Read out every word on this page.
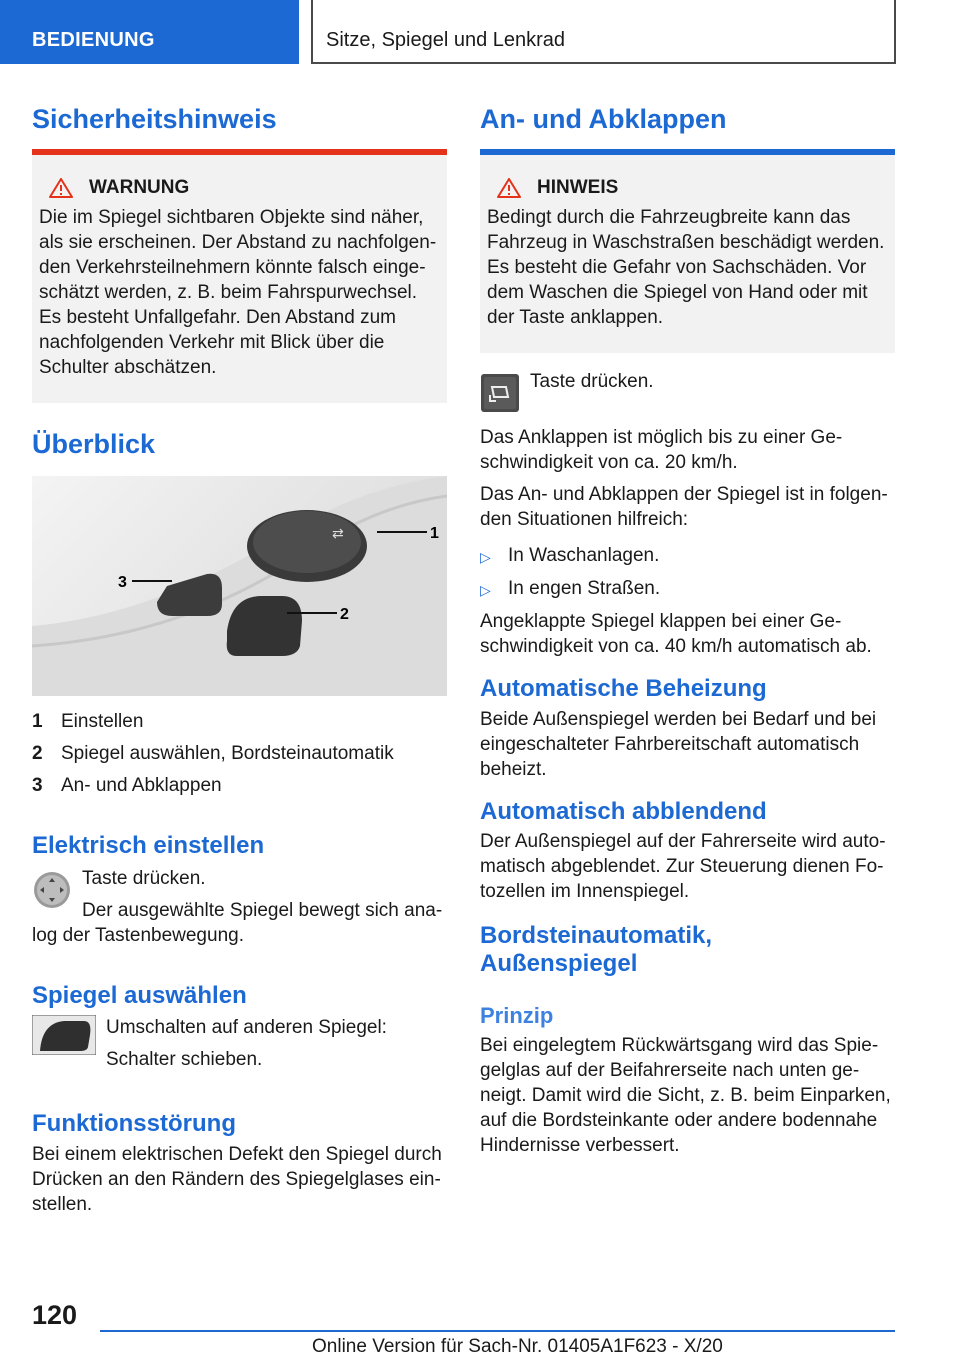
BEDIENUNG	Sitze, Spiegel und Lenkrad
Sicherheitshinweis
WARNUNG

Die im Spiegel sichtbaren Objekte sind näher, als sie erscheinen. Der Abstand zu nachfolgenden Verkehrsteilnehmern könnte falsch eingeschätzt werden, z. B. beim Fahrspurwechsel. Es besteht Unfallgefahr. Den Abstand zum nachfolgenden Verkehr mit Blick über die Schulter abschätzen.

Überblick
⇄	1
2
3
1 Einstellen
2 Spiegel auswählen, Bordsteinautomatik
3 An- und Abklappen
Elektrisch einstellen

Taste drücken.

Der ausgewählte Spiegel bewegt sich analog der Tastenbewegung.

Spiegel auswählen

Umschalten auf anderen Spiegel:

Schalter schieben.

Funktionsstörung

Bei einem elektrischen Defekt den Spiegel durch Drücken an den Rändern des Spiegelglases einstellen.

An- und Abklappen
HINWEIS

Bedingt durch die Fahrzeugbreite kann das Fahrzeug in Waschstraßen beschädigt werden. Es besteht die Gefahr von Sachschäden. Vor dem Waschen die Spiegel von Hand oder mit der Taste anklappen.

Taste drücken.

Das Anklappen ist möglich bis zu einer Geschwindigkeit von ca. 20 km/h.

Das An- und Abklappen der Spiegel ist in folgenden Situationen hilfreich:

▷ In Waschanlagen.
▷ In engen Straßen.

Angeklappte Spiegel klappen bei einer Geschwindigkeit von ca. 40 km/h automatisch ab.

Automatische Beheizung

Beide Außenspiegel werden bei Bedarf und bei eingeschalteter Fahrbereitschaft automatisch beheizt.

Automatisch abblendend

Der Außenspiegel auf der Fahrerseite wird automatisch abgeblendet. Zur Steuerung dienen Fotozellen im Innenspiegel.

Bordsteinautomatik,
Außenspiegel
Prinzip

Bei eingelegtem Rückwärtsgang wird das Spiegelglas auf der Beifahrerseite nach unten geneigt. Damit wird die Sicht, z. B. beim Einparken, auf die Bordsteinkante oder andere bodennahe Hindernisse verbessert.

120
Online Version für Sach-Nr. 01405A1F623 - X/20
